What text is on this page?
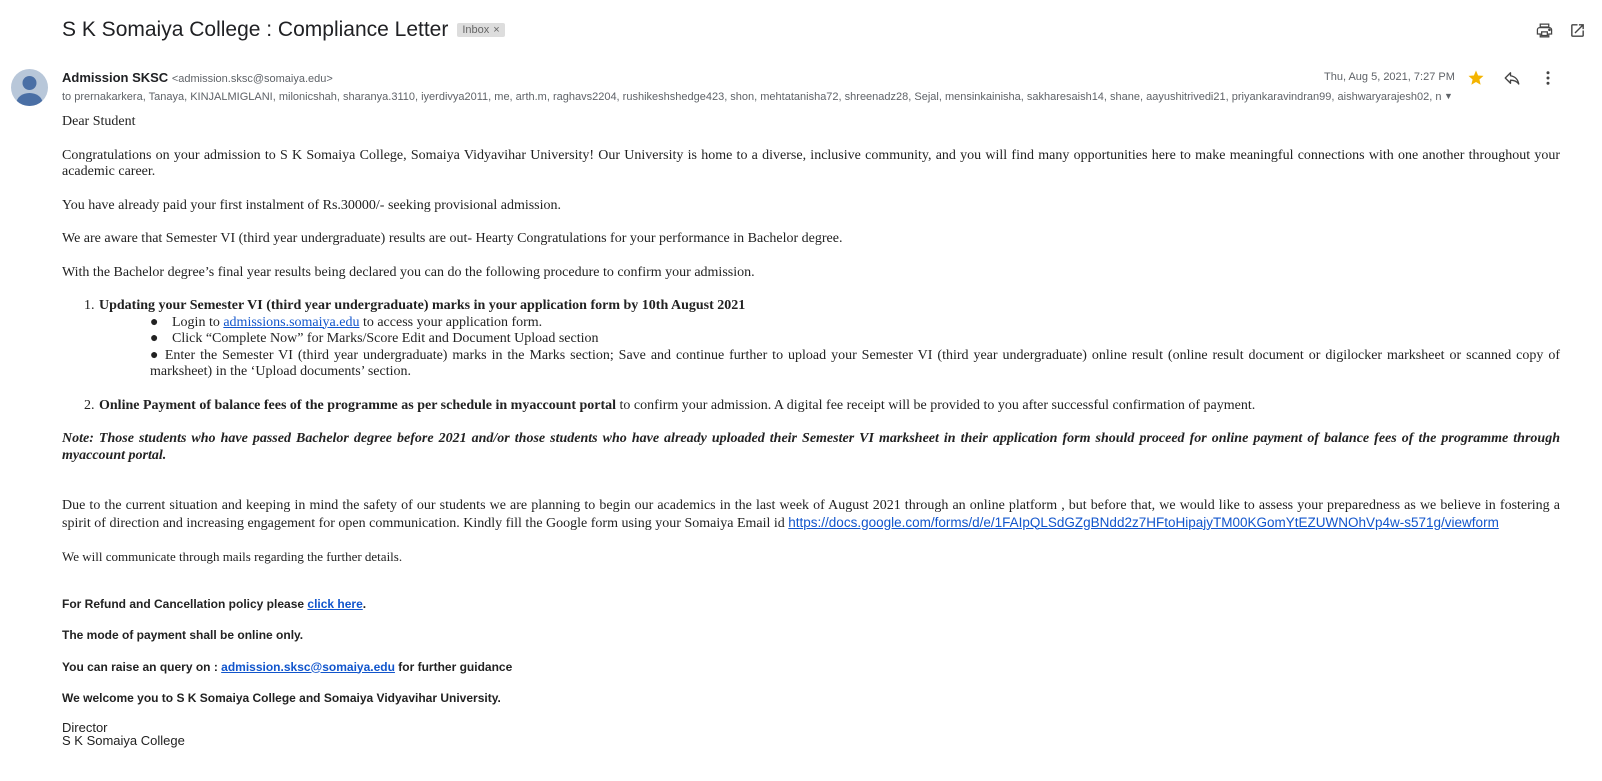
S K Somaiya College : Compliance Letter Inbox ×
Admission SKSC <admission.sksc@somaiya.edu>
to prernakarkera, Tanaya, KINJALMIGLANI, miloniсshah, sharanya.3110, iyerdivya2011, me, arth.m, raghavs2204, rushikeshshedge423, shon, mehtatanisha72, shreenadz28, Sejal, mensinkainisha, sakharesaish14, shane, aayushitrivedi21, priyankaravindran99, aishwaryarajesh02, n ▼
Thu, Aug 5, 2021, 7:27 PM

Dear Student

Congratulations on your admission to S K Somaiya College, Somaiya Vidyavihar University! Our University is home to a diverse, inclusive community, and you will find many opportunities here to make meaningful connections with one another throughout your academic career.

You have already paid your first instalment of Rs.30000/- seeking provisional admission.

We are aware that Semester VI (third year undergraduate) results are out- Hearty Congratulations for your performance in Bachelor degree.

With the Bachelor degree’s final year results being declared you can do the following procedure to confirm your admission.

1. Updating your Semester VI (third year undergraduate) marks in your application form by 10th August 2021

● Login to admissions.somaiya.edu to access your application form.

● Click “Complete Now” for Marks/Score Edit and Document Upload section

● Enter the Semester VI (third year undergraduate) marks in the Marks section; Save and continue further to upload your Semester VI (third year undergraduate) online result (online result document or digilocker marksheet or scanned copy of marksheet) in the ‘Upload documents’ section.

2. Online Payment of balance fees of the programme as per schedule in myaccount portal to confirm your admission. A digital fee receipt will be provided to you after successful confirmation of payment.

Note: Those students who have passed Bachelor degree before 2021 and/or those students who have already uploaded their Semester VI marksheet in their application form should proceed for online payment of balance fees of the programme through myaccount portal.

Due to the current situation and keeping in mind the safety of our students we are planning to begin our academics in the last week of August 2021 through an online platform , but before that, we would like to assess your preparedness as we believe in fostering a spirit of direction and increasing engagement for open communication. Kindly fill the Google form using your Somaiya Email id https://docs.google.com/forms/d/e/1FAIpQLSdGZgBNdd2z7HFtoHipajyTM00KGomYtEZUWNOhVp4w-s571g/viewform

We will communicate through mails regarding the further details.

For Refund and Cancellation policy please click here.

The mode of payment shall be online only.

You can raise an query on : admission.sksc@somaiya.edu for further guidance

We welcome you to S K Somaiya College and Somaiya Vidyavihar University.

Director

S K Somaiya College
